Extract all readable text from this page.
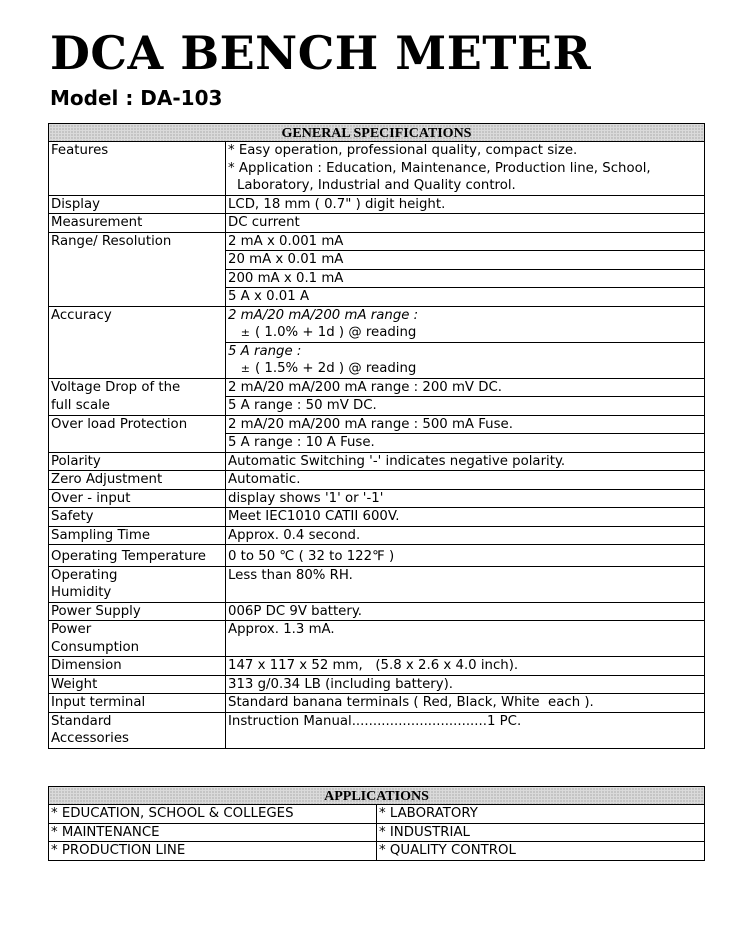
DCA BENCH METER
Model : DA-103
GENERAL SPECIFICATIONS	
Features	* Easy operation, professional quality, compact size.
* Application : Education, Maintenance, Production line, School,
Laboratory, Industrial and Quality control.

Display	LCD, 18 mm ( 0.7" ) digit height.
Measurement	DC current
Range/ Resolution	2 mA x 0.001 mA
	20 mA x 0.01 mA
	200 mA x 0.1 mA
	5 A x 0.01 A
Accuracy	2 mA/20 mA/200 mA range :
± ( 1.0% + 1d ) @ reading

	5 A range :
± ( 1.5% + 2d ) @ reading

Voltage Drop of the	2 mA/20 mA/200 mA range : 200 mV DC.
full scale	5 A range : 50 mV DC.
Over load Protection	2 mA/20 mA/200 mA range : 500 mA Fuse.
	5 A range : 10 A Fuse.
Polarity	Automatic Switching '-' indicates negative polarity.
Zero Adjustment	Automatic.
Over - input	display shows '1' or '-1'
Safety	Meet IEC1010 CATII 600V.
Sampling Time	Approx. 0.4 second.
Operating Temperature	0 to 50 ℃ ( 32 to 122℉ )

Operating
Humidity	Less than 80% RH.
Power Supply	006P DC 9V battery.

Power
Consumption	Approx. 1.3 mA.
Dimension	147 x 117 x 52 mm,   (5.8 x 2.6 x 4.0 inch).
Weight	313 g/0.34 LB (including battery).
Input terminal	Standard banana terminals ( Red, Black, White  each ).

Standard
Accessories	Instruction Manual................................1 PC.
APPLICATIONS	
* EDUCATION, SCHOOL & COLLEGES	* LABORATORY
* MAINTENANCE	* INDUSTRIAL
* PRODUCTION LINE	* QUALITY CONTROL
